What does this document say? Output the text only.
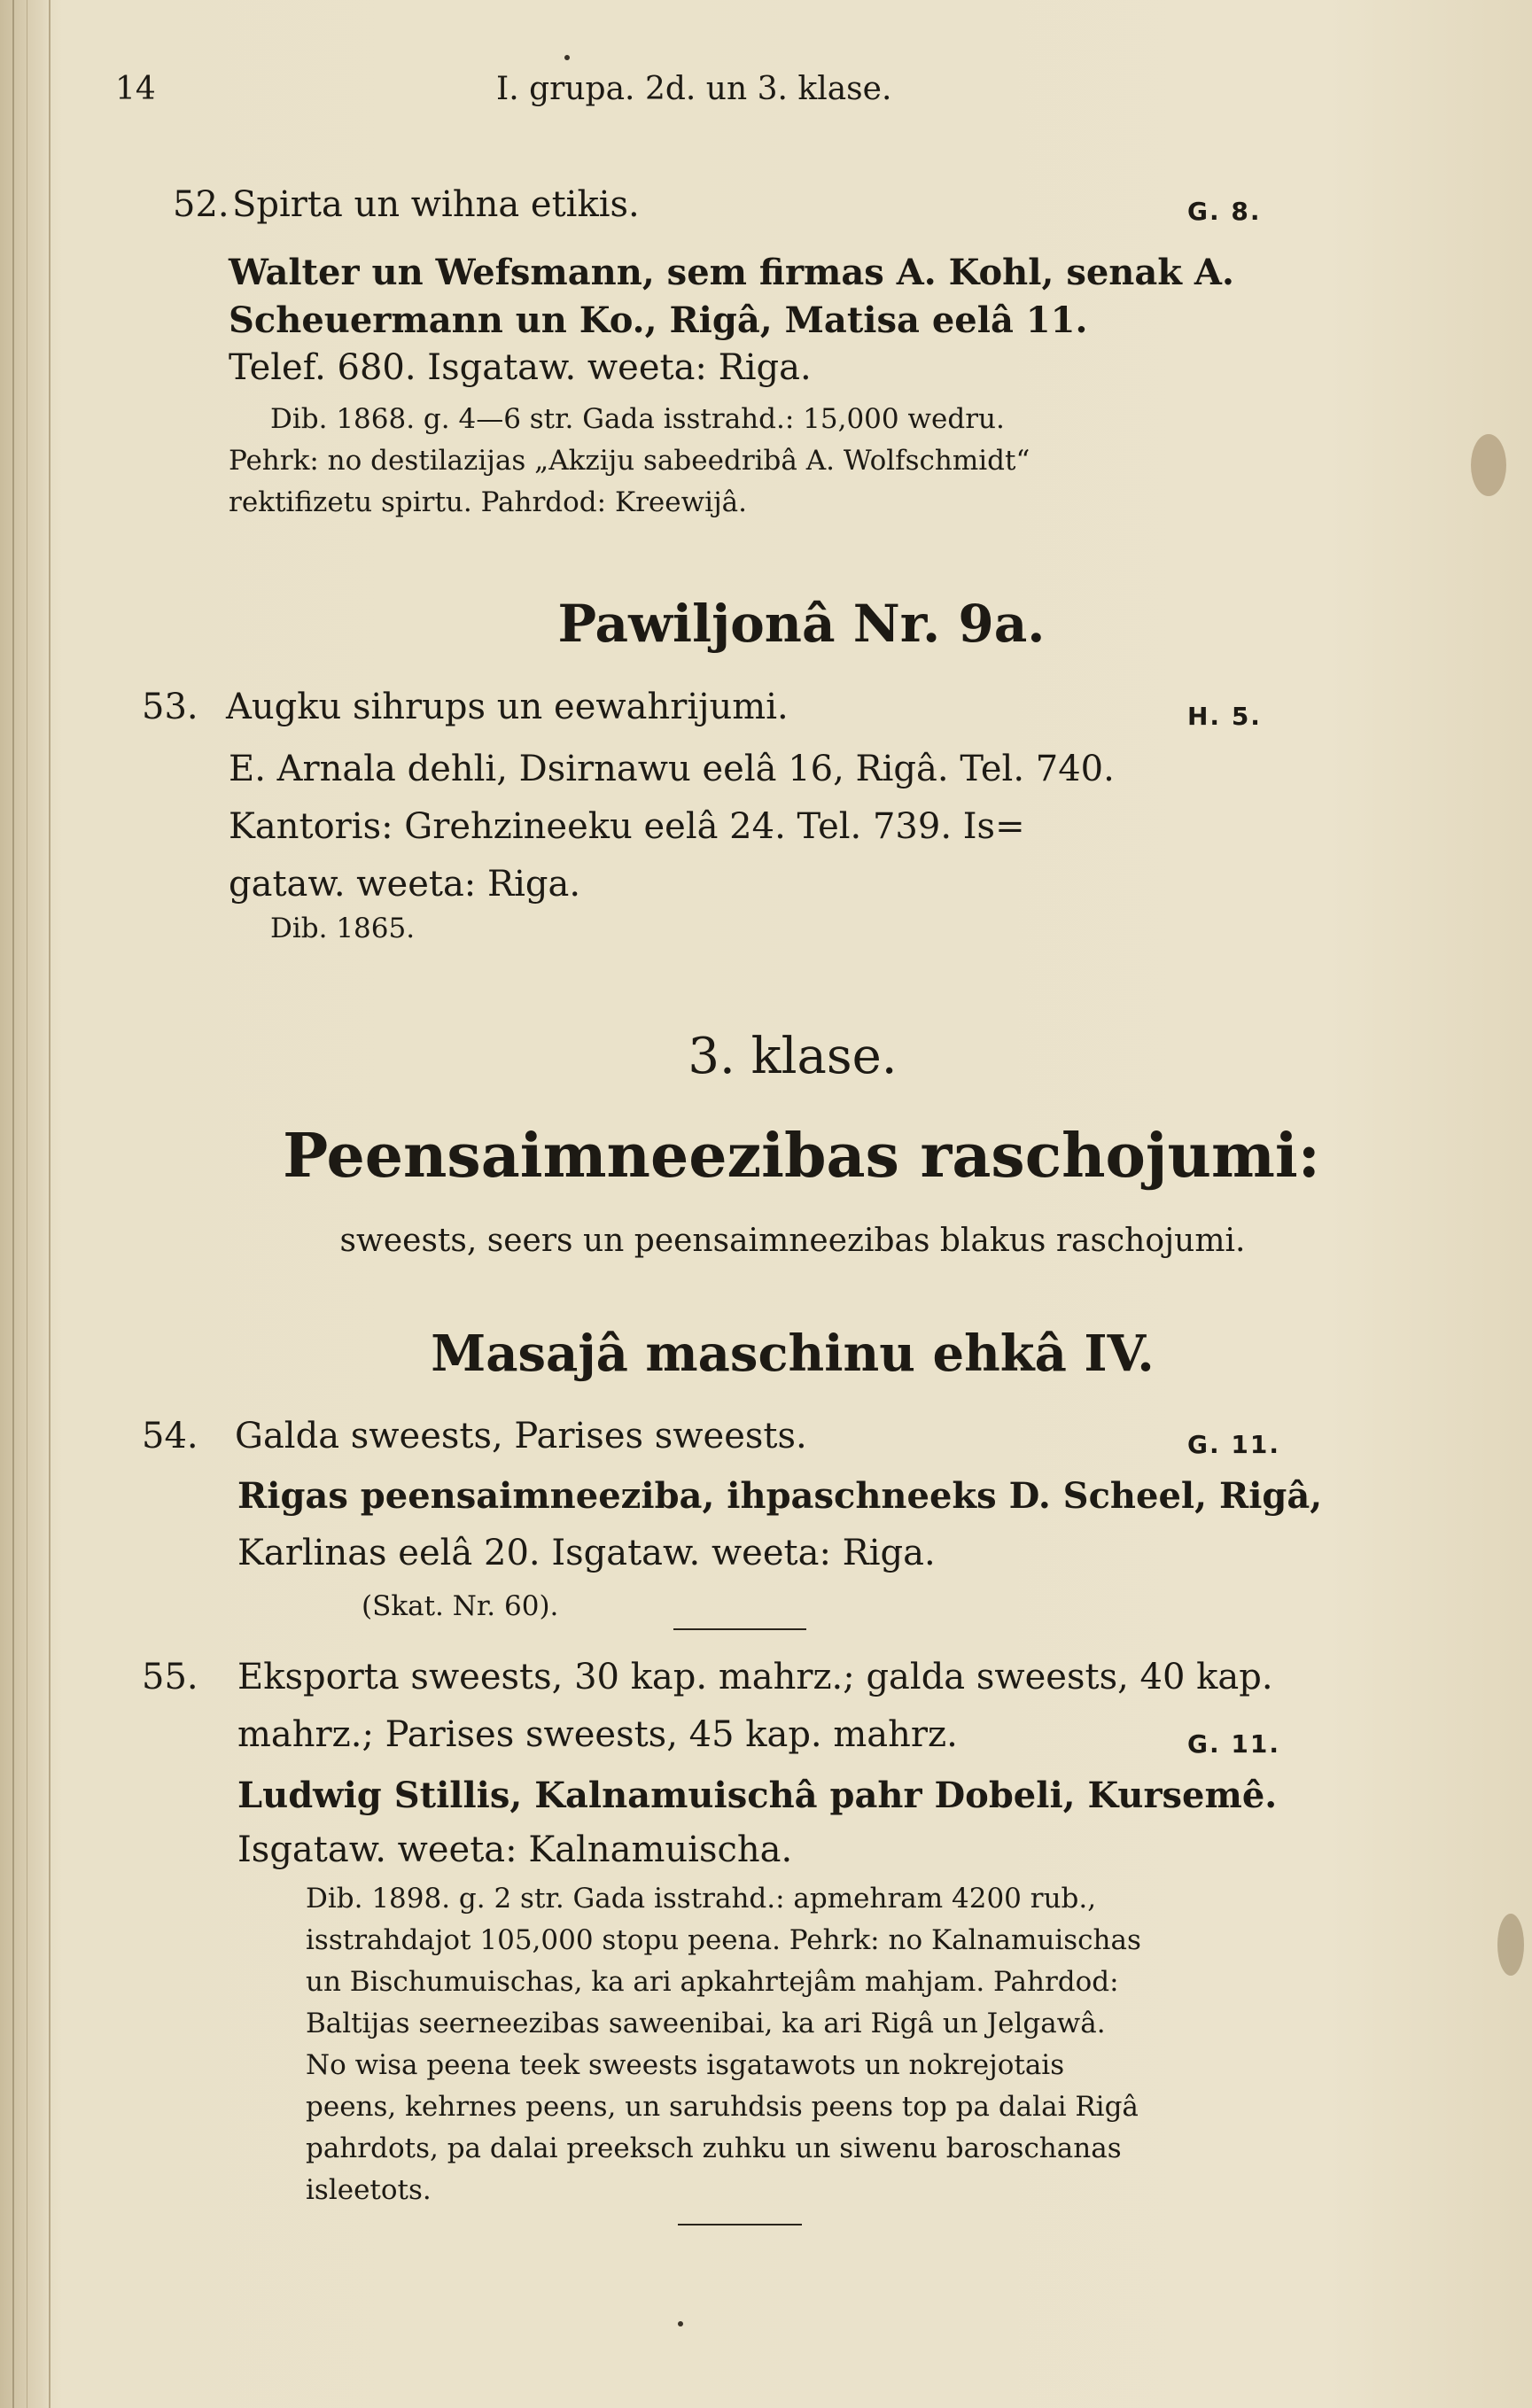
14	I. grupa. 2d. un 3. klase.
52. Spirta un wihna etikis.	G. 8.
Walter un Wefsmann, sem firmas A. Kohl, senak A.
Scheuermann un Ko., Rigâ, Matisa eelâ 11.
Telef. 680. Isgataw. weeta: Riga.
Dib. 1868. g. 4—6 str. Gada isstrahd.: 15,000 wedru.
Pehrk: no destilazijas „Akziju sabeedribâ A. Wolfschmidt“
rektifizetu spirtu. Pahrdod: Kreewijâ.
Pawiljonâ Nr. 9a.
53. Augku sihrups un eewahrijumi.	H. 5.
E. Arnala dehli, Dsirnawu eelâ 16, Rigâ. Tel. 740.
Kantoris: Grehzineeku eelâ 24. Tel. 739. Is=
gataw. weeta: Riga.
Dib. 1865.
3. klase.
Peensaimneezibas raschojumi:
sweests, seers un peensaimneezibas blakus raschojumi.
Masajâ maschinu ehkâ IV.
54. Galda sweests, Parises sweests.	G. 11.
Rigas peensaimneeziba, ihpaschneeks D. Scheel, Rigâ,
Karlinas eelâ 20. Isgataw. weeta: Riga.
(Skat. Nr. 60).
55. Eksporta sweests, 30 kap. mahrz.; galda sweests, 40 kap.
mahrz.; Parises sweests, 45 kap. mahrz.	G. 11.
Ludwig Stillis, Kalnamuischâ pahr Dobeli, Kursemê.
Isgataw. weeta: Kalnamuischa.
Dib. 1898. g. 2 str. Gada isstrahd.: apmehram 4200 rub.,
isstrahdajot 105,000 stopu peena. Pehrk: no Kalnamuischas
un Bischumuischas, ka ari apkahrtejâm mahjam. Pahrdod:
Baltijas seerneezibas saweenibai, ka ari Rigâ un Jelgawâ.
No wisa peena teek sweests isgatawots un nokrejotais
peens, kehrnes peens, un saruhdsis peens top pa dalai Rigâ
pahrdots, pa dalai preeksch zuhku un siwenu baroschanas
isleetots.
